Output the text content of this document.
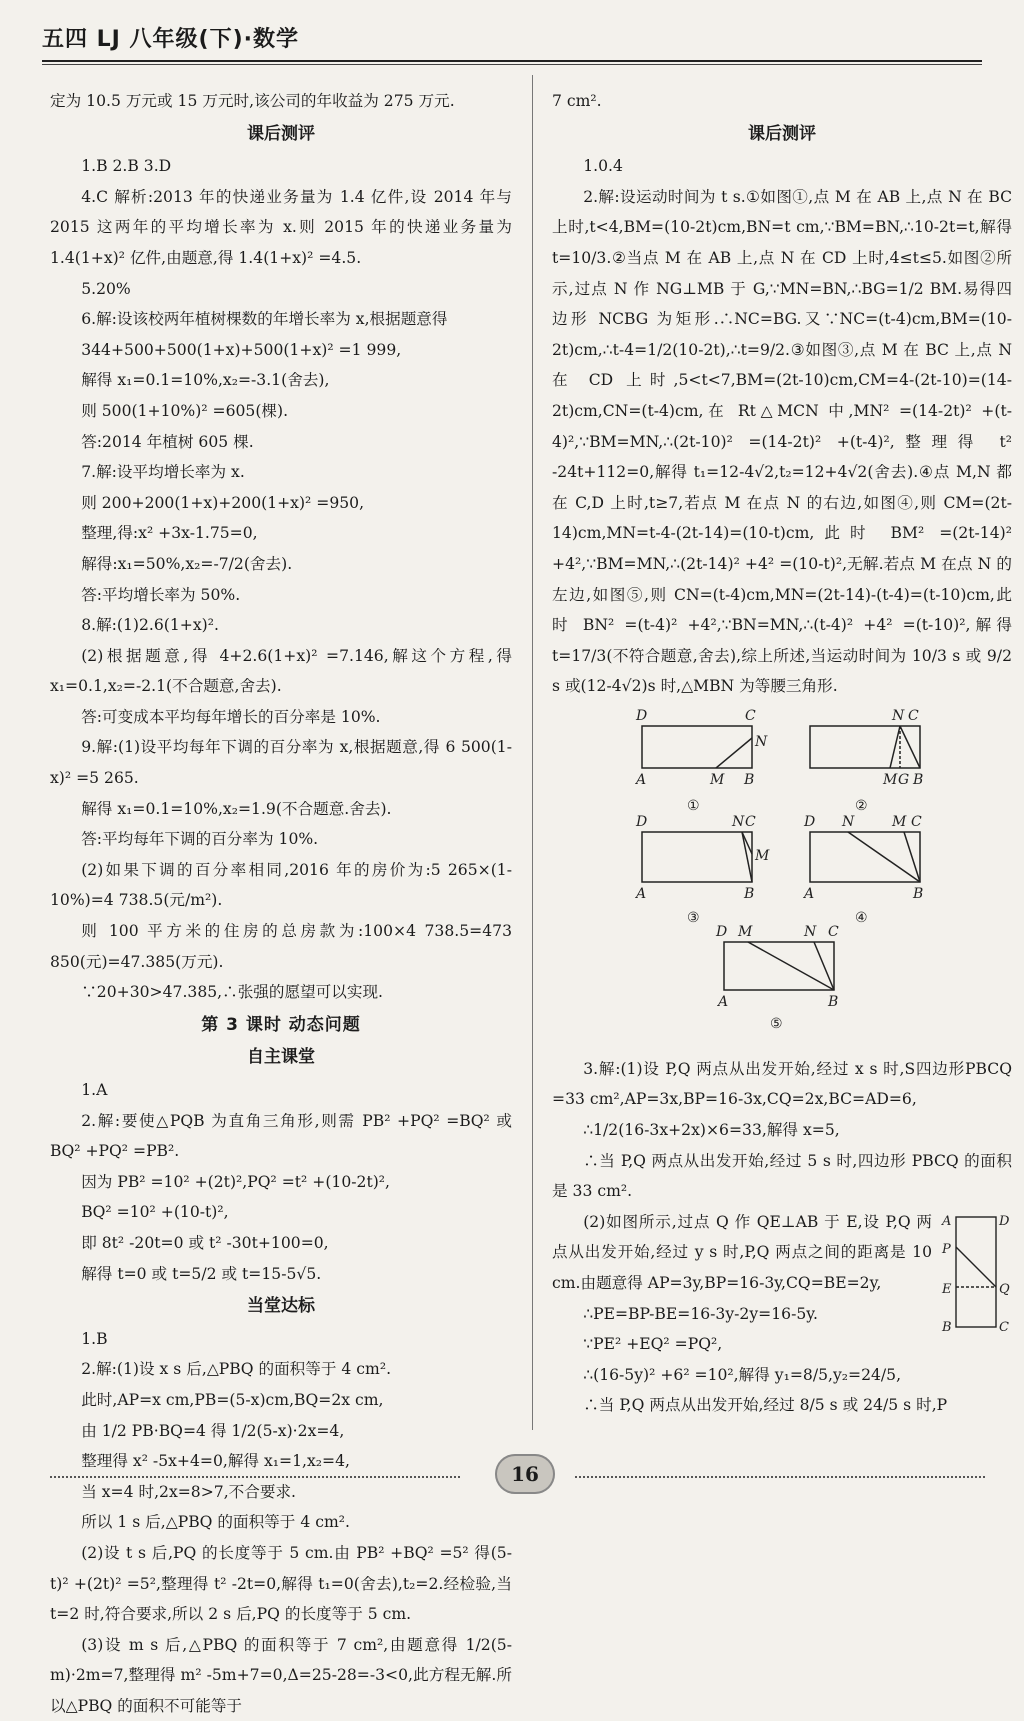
五四 LJ 八年级(下)·数学

定为 10.5 万元或 15 万元时,该公司的年收益为 275 万元.

课后测评

1.B 2.B 3.D

4.C 解析:2013 年的快递业务量为 1.4 亿件,设 2014 年与 2015 这两年的平均增长率为 x.则 2015 年的快递业务量为 1.4(1+x)² 亿件,由题意,得 1.4(1+x)² =4.5.

5.20%

6.解:设该校两年植树棵数的年增长率为 x,根据题意得

344+500+500(1+x)+500(1+x)² =1 999,

解得 x₁=0.1=10%,x₂=-3.1(舍去),

则 500(1+10%)² =605(棵).

答:2014 年植树 605 棵.

7.解:设平均增长率为 x.

则 200+200(1+x)+200(1+x)² =950,

整理,得:x² +3x-1.75=0,

解得:x₁=50%,x₂=-7/2(舍去).

答:平均增长率为 50%.

8.解:(1)2.6(1+x)².

(2)根据题意,得 4+2.6(1+x)² =7.146,解这个方程,得 x₁=0.1,x₂=-2.1(不合题意,舍去).

答:可变成本平均每年增长的百分率是 10%.

9.解:(1)设平均每年下调的百分率为 x,根据题意,得 6 500(1-x)² =5 265.

解得 x₁=0.1=10%,x₂=1.9(不合题意.舍去).

答:平均每年下调的百分率为 10%.

(2)如果下调的百分率相同,2016 年的房价为:5 265×(1-10%)=4 738.5(元/m²).

则 100 平方米的住房的总房款为:100×4 738.5=473 850(元)=47.385(万元).

∵20+30>47.385,∴张强的愿望可以实现.

第 3 课时 动态问题
自主课堂

1.A

2.解:要使△PQB 为直角三角形,则需 PB² +PQ² =BQ² 或 BQ² +PQ² =PB².

因为 PB² =10² +(2t)²,PQ² =t² +(10-2t)²,

BQ² =10² +(10-t)²,

即 8t² -20t=0 或 t² -30t+100=0,

解得 t=0 或 t=5/2 或 t=15-5√5.

当堂达标

1.B

2.解:(1)设 x s 后,△PBQ 的面积等于 4 cm².

此时,AP=x cm,PB=(5-x)cm,BQ=2x cm,

由 1/2 PB·BQ=4 得 1/2(5-x)·2x=4,

整理得 x² -5x+4=0,解得 x₁=1,x₂=4,

当 x=4 时,2x=8>7,不合要求.

所以 1 s 后,△PBQ 的面积等于 4 cm².

(2)设 t s 后,PQ 的长度等于 5 cm.由 PB² +BQ² =5² 得(5-t)² +(2t)² =5²,整理得 t² -2t=0,解得 t₁=0(舍去),t₂=2.经检验,当 t=2 时,符合要求,所以 2 s 后,PQ 的长度等于 5 cm.

(3)设 m s 后,△PBQ 的面积等于 7 cm²,由题意得 1/2(5-m)·2m=7,整理得 m² -5m+7=0,Δ=25-28=-3<0,此方程无解.所以△PBQ 的面积不可能等于

7 cm².

课后测评

1.0.4

2.解:设运动时间为 t s.①如图①,点 M 在 AB 上,点 N 在 BC 上时,t<4,BM=(10-2t)cm,BN=t cm,∵BM=BN,∴10-2t=t,解得 t=10/3.②当点 M 在 AB 上,点 N 在 CD 上时,4≤t≤5.如图②所示,过点 N 作 NG⊥MB 于 G,∵MN=BN,∴BG=1/2 BM.易得四边形 NCBG 为矩形.∴NC=BG.又∵NC=(t-4)cm,BM=(10-2t)cm,∴t-4=1/2(10-2t),∴t=9/2.③如图③,点 M 在 BC 上,点 N 在 CD 上时,5<t<7,BM=(2t-10)cm,CM=4-(2t-10)=(14-2t)cm,CN=(t-4)cm,在 Rt△MCN 中,MN² =(14-2t)² +(t-4)²,∵BM=MN,∴(2t-10)² =(14-2t)² +(t-4)²,整理得 t² -24t+112=0,解得 t₁=12-4√2,t₂=12+4√2(舍去).④点 M,N 都在 C,D 上时,t≥7,若点 M 在点 N 的右边,如图④,则 CM=(2t-14)cm,MN=t-4-(2t-14)=(10-t)cm,此时 BM² =(2t-14)² +4²,∵BM=MN,∴(2t-14)² +4² =(10-t)²,无解.若点 M 在点 N 的左边,如图⑤,则 CN=(t-4)cm,MN=(2t-14)-(t-4)=(t-10)cm,此时 BN² =(t-4)² +4²,∵BN=MN,∴(t-4)² +4² =(t-10)²,解得 t=17/3(不符合题意,舍去),综上所述,当运动时间为 10/3 s 或 9/2 s 或(12-4√2)s 时,△MBN 为等腰三角形.

D	C
N
A	M B
①
N C
M G B
②
D	N C
M
A	B
③
D N	M C
A	B
④
D M	N C
A	B
⑤

3.解:(1)设 P,Q 两点从出发开始,经过 x s 时,S四边形PBCQ =33 cm²,AP=3x,BP=16-3x,CQ=2x,BC=AD=6,

∴1/2(16-3x+2x)×6=33,解得 x=5,

∴当 P,Q 两点从出发开始,经过 5 s 时,四边形 PBCQ 的面积是 33 cm².

A	D
P
E	Q
B	C

(2)如图所示,过点 Q 作 QE⊥AB 于 E,设 P,Q 两点从出发开始,经过 y s 时,P,Q 两点之间的距离是 10 cm.由题意得 AP=3y,BP=16-3y,CQ=BE=2y,

∴PE=BP-BE=16-3y-2y=16-5y.

∵PE² +EQ² =PQ²,

∴(16-5y)² +6² =10²,解得 y₁=8/5,y₂=24/5,

∴当 P,Q 两点从出发开始,经过 8/5 s 或 24/5 s 时,P

16
